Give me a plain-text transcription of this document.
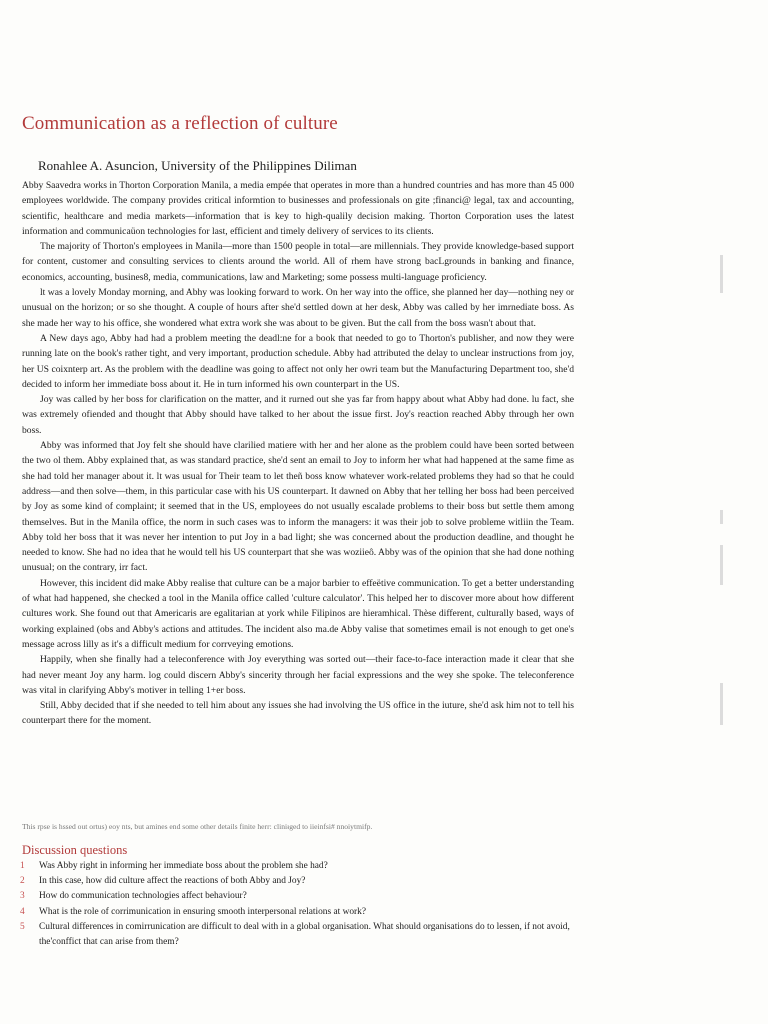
Communication as a reflection of culture
Ronahlee A. Asuncion, University of the Philippines Diliman

Abby Saavedra works in Thorton Corporation Manila, a media empée that operates in more than a hundred countries and has more than 45 000 employees worldwide. The company provides critical informtion to businesses and professionals on gite ;financi@ legal, tax and accounting, scientific, healthcare and media markets—information that is key to high-qualily decision making. Thorton Corporation uses the latest information and communicaüon technologies for last, efficient and timely delivery of services to its clients.

The majority of Thorton's employees in Manila—more than 1500 people in total—are millennials. They provide knowledge-based support for content, customer and consulting services to clients around the world. All of rhem have strong bacLgrounds in banking and finance, economics, accounting, busines8, media, communications, law and Marketing; some possess multi-language proficiency.

lt was a lovely Monday morning, and Abhy was looking forward to work. On her way into the office, she planned her day—nothing ney or unusual on the horizon; or so she thought. A couple of hours after she'd settled down at her desk, Abby was called by her imrnediate boss. As she made her way to his office, she wondered what extra work she was about to be given. But the call from the boss wasn't about that.

A New days ago, Abby had had a problem meeting the deadl:ne for a book that needed to go to Thorton's publisher, and now they were running late on the book's rather tight, and very important, production schedule. Abby had attributed the delay to unclear instructions from joy, her US coixnterp art. As the problem with the deadline was going to affect not only her owri team but the Manufacturing Department too, she'd decided to inform her immediate boss about it. He in turn informed his own counterpart in the US.

Joy was called by her boss for clarification on the matter, and it rurned out she yas far from happy about what Abby had done. lu fact, she was extremely ofiended and thought that Abby should have talked to her about the issue first. Joy's reaction reached Abby through her own boss.

Abby was informed that Joy felt she should have clarilied matiere with her and her alone as the problem could have been sorted between the two ol them. Abby explained that, as was standard practice, she'd sent an email to Joy to inform her what had happened at the same fime as she had told her manager about it. lt was usual for Their team to let theñ boss know whatever work-related problems they had so that he could address—and then solve—them, in this particular case with his US counterpart. It dawned on Abby that her telling her boss had been perceived by Joy as some kind of complaint; it seemed that in the US, employees do not usually escalade problems to their boss but settle them among themselves. But in the Manila office, the norm in such cases was to inform the managers: it was their job to solve probleme witliin the Team. Abby told her boss that it was never her intention to put Joy in a bad light; she was concerned about the production deadline, and thought he needed to know. She had no idea that he would tell his US counterpart that she was woziieô. Abby was of the opinion that she had done nothing unusual; on the contrary, irr fact.

However, this incident did make Abby realise that culture can be a major barbier to effeëtive communication. To get a better understanding of what had happened, she checked a tool in the Manila office called 'culture calculator'. This helped her to discover more about how different cultures work. She found out that Americaris are egalitarian at york while Filipinos are hieramhical. Thèse different, culturally based, ways of working explained (obs and Abby's actions and attitudes. The incident also ma.de Abby valise that sometimes email is not enough to get one's message across lilly as it's a difficult medium for corrveying emotions.

Happily, when she finally had a teleconference with Joy everything was sorted out—their face-to-face interaction made it clear that she had never meant Joy any harm. log could discern Abby's sincerity through her facial expressions and the wey she spoke. The teleconference was vital in clarifying Abby's motiver in telling 1+er boss.

Still, Abby decided that if she needed to tell him about any issues she had involving the US office in the iuture, she'd ask him not to tell his counterpart there for the moment.

This rpse is hssed out ortus) eoy nts, but amines end some other details finite herr: cliniᵻged to iieinfsi# nnoiytmifp.
Discussion questions
1 Was Abby right in informing her immediate boss about the problem she had?
2 In this case, how did culture affect the reactions of both Abby and Joy?
3 How do communication technologies affect behaviour?
4 What is the role of corrimunication in ensuring smooth interpersonal relations at work?
5 Cultural differences in comirrunication are difficult to deal with in a global organisation. What should organisations do to lessen, if not avoid, the'conffict that can arise from them?
